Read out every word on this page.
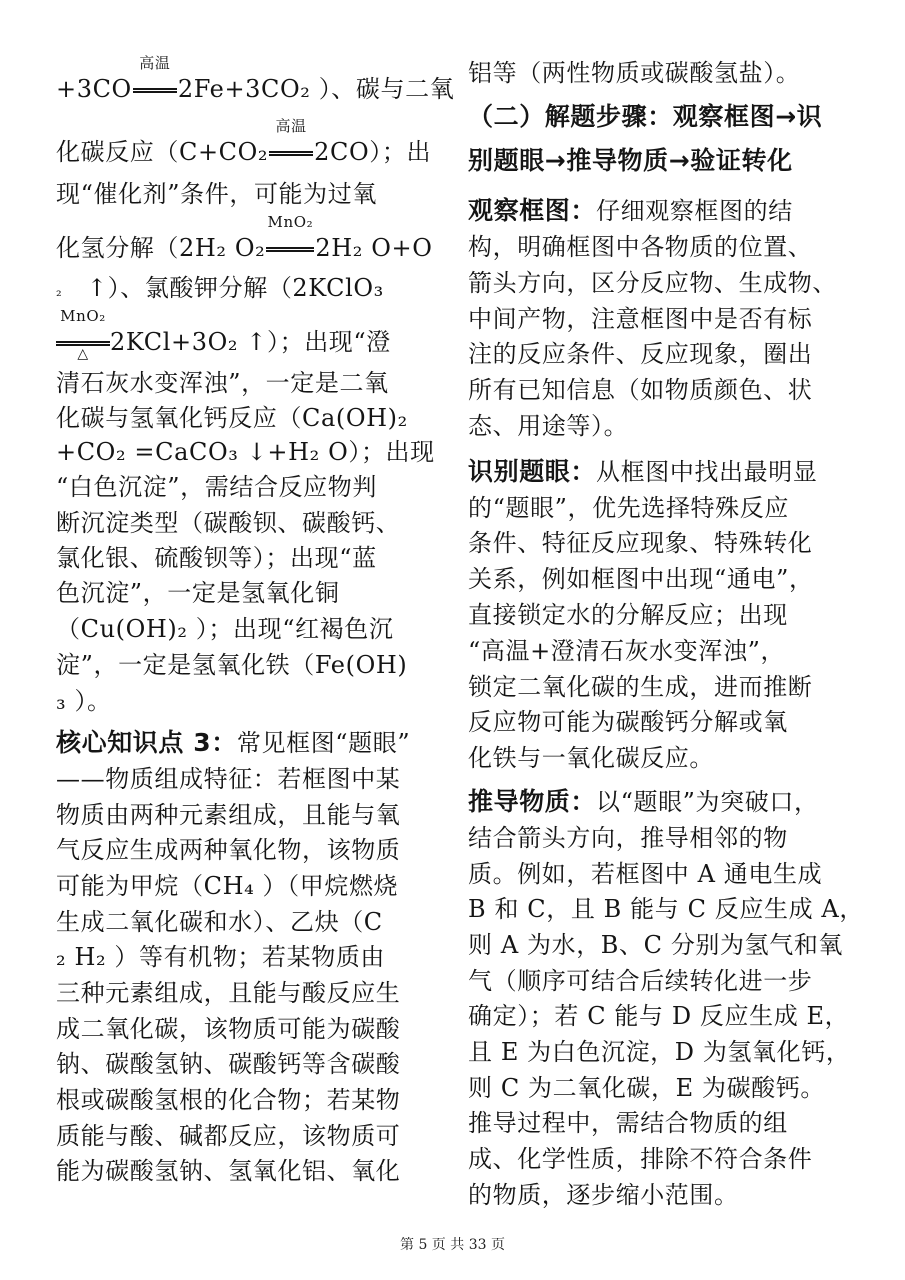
+3CO
高温
2Fe+3CO₂ ）、碳与二氧
化碳反应（C+CO₂
高温
2CO）；出
现“催化剂”条件，可能为过氧
化氢分解（2H₂ O₂
MnO₂
2H₂ O+O
₂ ↑）、氯酸钾分解（2KClO₃
MnO₂
△ 2KCl+3O₂ ↑）；出现“澄
清石灰水变浑浊”，一定是二氧
化碳与氢氧化钙反应（Ca(OH)₂
+CO₂ =CaCO₃ ↓+H₂ O）；出现
“白色沉淀”，需结合反应物判
断沉淀类型（碳酸钡、碳酸钙、
氯化银、硫酸钡等）；出现“蓝
色沉淀”，一定是氢氧化铜
（Cu(OH)₂ ）；出现“红褐色沉
淀”，一定是氢氧化铁（Fe(OH)
₃ ）。
核心知识点 3：常见框图“题眼”
——物质组成特征：若框图中某
物质由两种元素组成，且能与氧
气反应生成两种氧化物，该物质
可能为甲烷（CH₄ ）（甲烷燃烧
生成二氧化碳和水）、乙炔（C
₂ H₂ ）等有机物；若某物质由
三种元素组成，且能与酸反应生
成二氧化碳，该物质可能为碳酸
钠、碳酸氢钠、碳酸钙等含碳酸
根或碳酸氢根的化合物；若某物
质能与酸、碱都反应，该物质可
能为碳酸氢钠、氢氧化铝、氧化
铝等（两性物质或碳酸氢盐）。
（二）解题步骤：观察框图→识
别题眼→推导物质→验证转化
观察框图：仔细观察框图的结
构，明确框图中各物质的位置、
箭头方向，区分反应物、生成物、
中间产物，注意框图中是否有标
注的反应条件、反应现象，圈出
所有已知信息（如物质颜色、状
态、用途等）。
识别题眼：从框图中找出最明显
的“题眼”，优先选择特殊反应
条件、特征反应现象、特殊转化
关系，例如框图中出现“通电”，
直接锁定水的分解反应；出现
“高温+澄清石灰水变浑浊”，
锁定二氧化碳的生成，进而推断
反应物可能为碳酸钙分解或氧
化铁与一氧化碳反应。
推导物质：以“题眼”为突破口，
结合箭头方向，推导相邻的物
质。例如，若框图中 A 通电生成
B 和 C，且 B 能与 C 反应生成 A，
则 A 为水，B、C 分别为氢气和氧
气（顺序可结合后续转化进一步
确定）；若 C 能与 D 反应生成 E，
且 E 为白色沉淀，D 为氢氧化钙，
则 C 为二氧化碳，E 为碳酸钙。
推导过程中，需结合物质的组
成、化学性质，排除不符合条件
的物质，逐步缩小范围。
第 5 页 共 33 页
